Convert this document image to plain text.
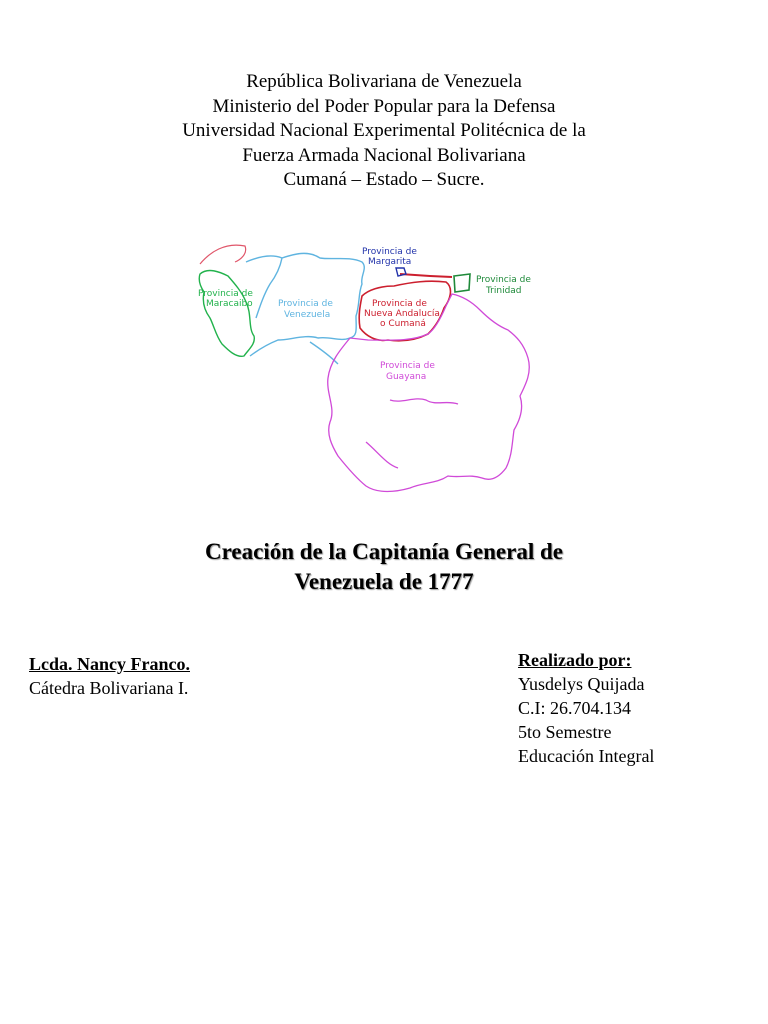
República Bolivariana de Venezuela
Ministerio del Poder Popular para la Defensa
Universidad Nacional Experimental Politécnica de la
Fuerza Armada Nacional Bolivariana
Cumaná – Estado – Sucre.
Provincia de
Maracaibo	Provincia de
Venezuela
Provincia de
Margarita
Provincia de
Trinidad
Provincia de
Nueva Andalucía
o Cumaná
Provincia de
Guayana
Creación de la Capitanía General de
Venezuela de 1777
Lcda. Nancy Franco.
Cátedra Bolivariana I.
Realizado por:
Yusdelys Quijada
C.I: 26.704.134
5to Semestre
Educación Integral
